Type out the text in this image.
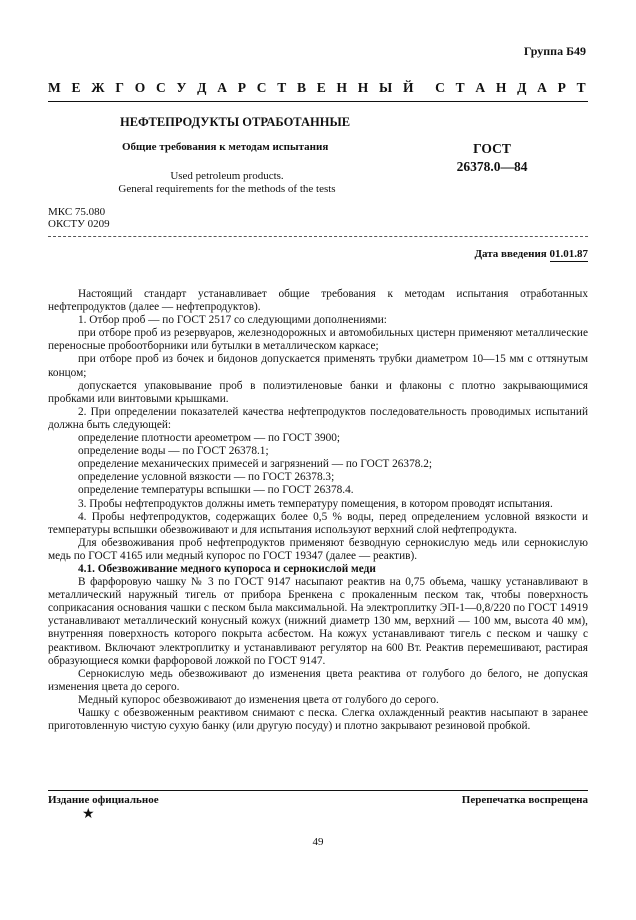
Группа Б49
М Е Ж Г О С У Д А Р С Т В Е Н Н Ы Й С Т А Н Д А Р Т
НЕФТЕПРОДУКТЫ ОТРАБОТАННЫЕ
Общие требования к методам испытания	ГОСТ
26378.0—84
Used petroleum products.
General requirements for the methods of the tests
МКС 75.080
ОКСТУ 0209
Дата введения 01.01.87

Настоящий стандарт устанавливает общие требования к методам испытания отработанных нефтепродуктов (далее — нефтепродуктов).

1. Отбор проб — по ГОСТ 2517 со следующими дополнениями:

при отборе проб из резервуаров, железнодорожных и автомобильных цистерн применяют металлические переносные пробоотборники или бутылки в металлическом каркасе;

при отборе проб из бочек и бидонов допускается применять трубки диаметром 10—15 мм с оттянутым концом;

допускается упаковывание проб в полиэтиленовые банки и флаконы с плотно закрывающимися пробками или винтовыми крышками.

2. При определении показателей качества нефтепродуктов последовательность проводимых испытаний должна быть следующей:

определение плотности ареометром — по ГОСТ 3900;

определение воды — по ГОСТ 26378.1;

определение механических примесей и загрязнений — по ГОСТ 26378.2;

определение условной вязкости — по ГОСТ 26378.3;

определение температуры вспышки — по ГОСТ 26378.4.

3. Пробы нефтепродуктов должны иметь температуру помещения, в котором проводят испытания.

4. Пробы нефтепродуктов, содержащих более 0,5 % воды, перед определением условной вязкости и температуры вспышки обезвоживают и для испытания используют верхний слой нефтепродукта.

Для обезвоживания проб нефтепродуктов применяют безводную сернокислую медь или сернокислую медь по ГОСТ 4165 или медный купорос по ГОСТ 19347 (далее — реактив).

4.1. Обезвоживание медного купороса и сернокислой меди

В фарфоровую чашку № 3 по ГОСТ 9147 насыпают реактив на 0,75 объема, чашку устанавливают в металлический наружный тигель от прибора Бренкена с прокаленным песком так, чтобы поверхность соприкасания основания чашки с песком была максимальной. На электроплитку ЭП-1—0,8/220 по ГОСТ 14919 устанавливают металлический конусный кожух (нижний диаметр 130 мм, верхний — 100 мм, высота 40 мм), внутренняя поверхность которого покрыта асбестом. На кожух устанавливают тигель с песком и чашку с реактивом. Включают электроплитку и устанавливают регулятор на 600 Вт. Реактив перемешивают, растирая образующиеся комки фарфоровой ложкой по ГОСТ 9147.

Сернокислую медь обезвоживают до изменения цвета реактива от голубого до белого, не допуская изменения цвета до серого.

Медный купорос обезвоживают до изменения цвета от голубого до серого.

Чашку с обезвоженным реактивом снимают с песка. Слегка охлажденный реактив насыпают в заранее приготовленную чистую сухую банку (или другую посуду) и плотно закрывают резиновой пробкой.

Издание официальное	Перепечатка воспрещена
★
49
